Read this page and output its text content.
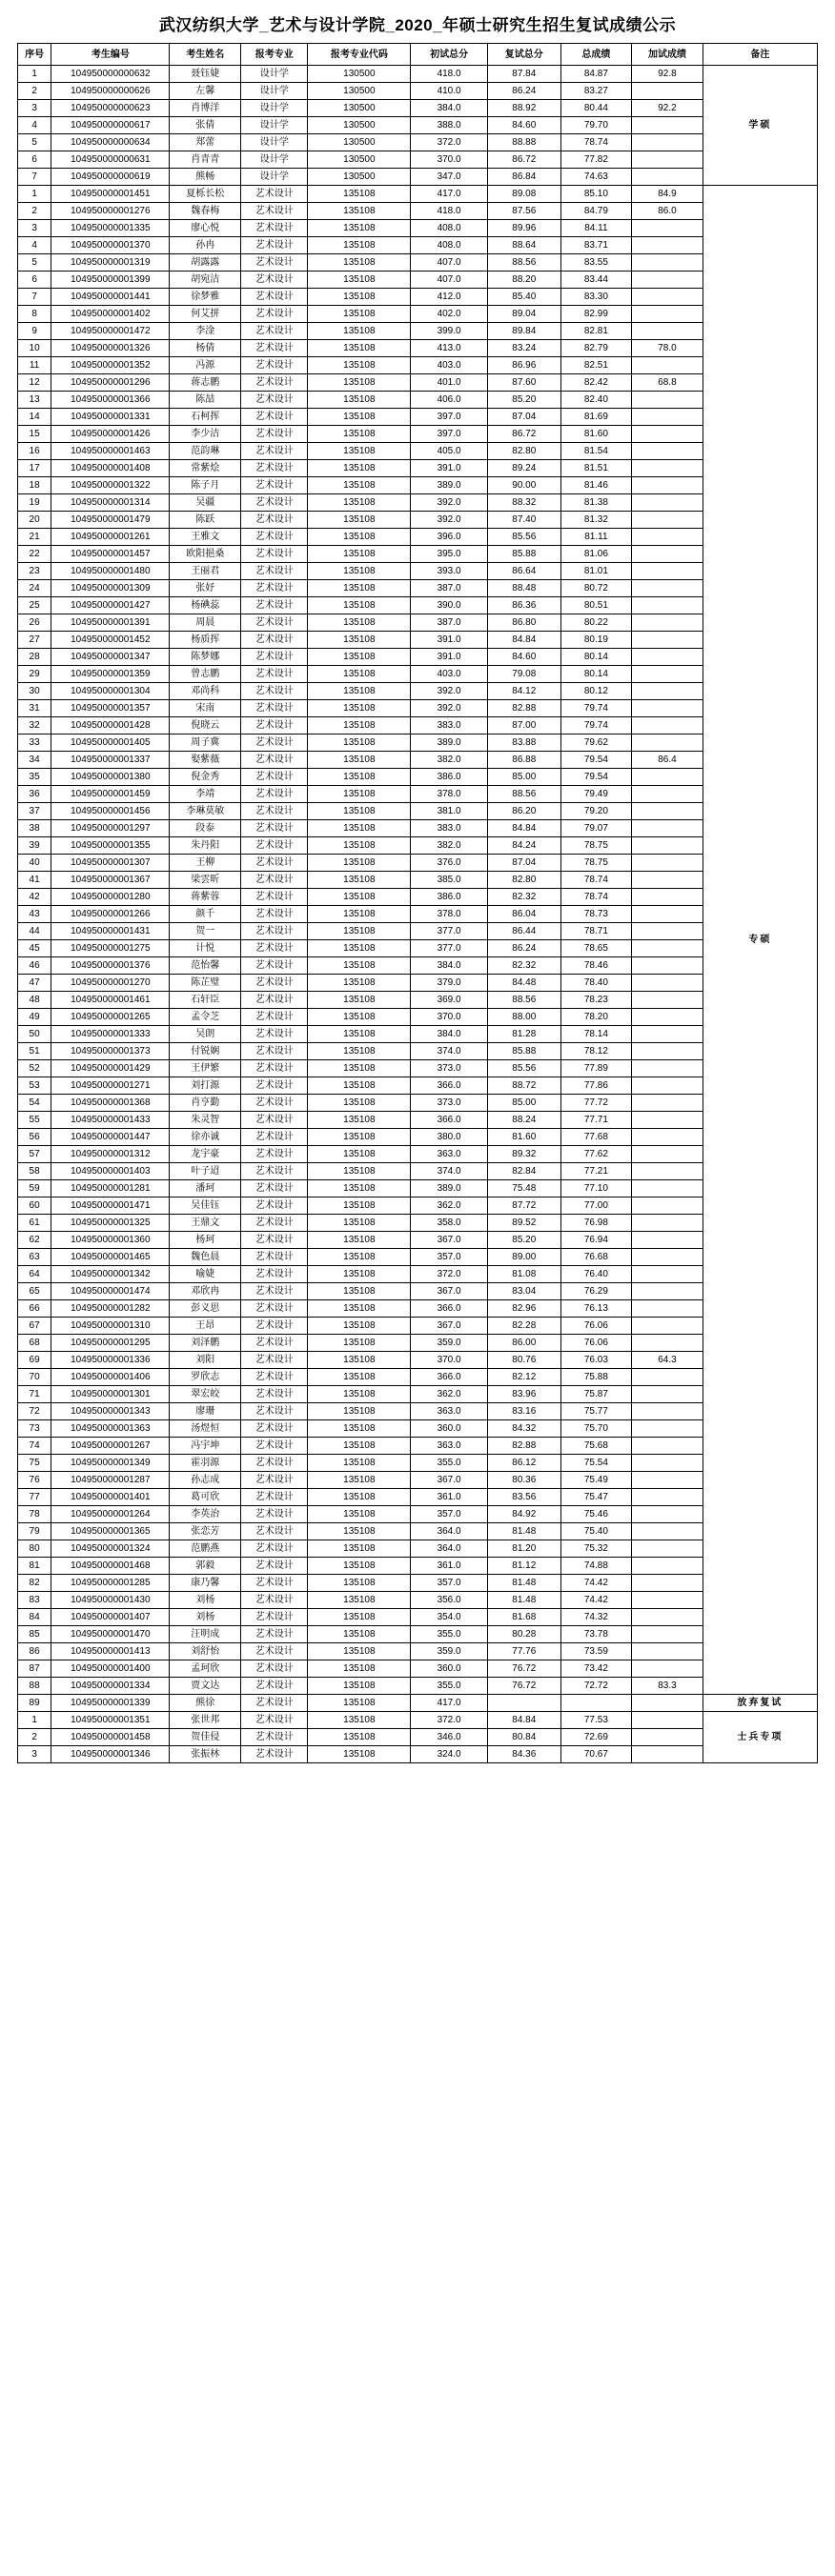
武汉纺织大学_艺术与设计学院_2020_年硕士研究生招生复试成绩公示
序号	考生编号	考生姓名	报考专业	报考专业代码	初试总分	复试总分	总成绩	加试成绩	备注
1	104950000000632	聂钰婕	设计学	130500	418.0	87.84	84.87	92.8	学硕
2	104950000000626	左馨	设计学	130500	410.0	86.24	83.27		
3	104950000000623	肖博洋	设计学	130500	384.0	88.92	80.44	92.2	
4	104950000000617	张倩	设计学	130500	388.0	84.60	79.70		
5	104950000000634	郑蕾	设计学	130500	372.0	88.88	78.74		
6	104950000000631	肖青青	设计学	130500	370.0	86.72	77.82		
7	104950000000619	熊畅	设计学	130500	347.0	86.84	74.63		
1	104950000001451	夏栎长松	艺术设计	135108	417.0	89.08	85.10	84.9	专硕
2	104950000001276	魏春梅	艺术设计	135108	418.0	87.56	84.79	86.0	
3	104950000001335	廖心悦	艺术设计	135108	408.0	89.96	84.11		
4	104950000001370	孙冉	艺术设计	135108	408.0	88.64	83.71		
5	104950000001319	胡露露	艺术设计	135108	407.0	88.56	83.55		
6	104950000001399	胡宛洁	艺术设计	135108	407.0	88.20	83.44		
7	104950000001441	徐梦雅	艺术设计	135108	412.0	85.40	83.30		
8	104950000001402	何艾拼	艺术设计	135108	402.0	89.04	82.99		
9	104950000001472	李淦	艺术设计	135108	399.0	89.84	82.81		
10	104950000001326	杨倩	艺术设计	135108	413.0	83.24	82.79	78.0	
11	104950000001352	冯源	艺术设计	135108	403.0	86.96	82.51		
12	104950000001296	蒋志鹏	艺术设计	135108	401.0	87.60	82.42	68.8	
13	104950000001366	陈喆	艺术设计	135108	406.0	85.20	82.40		
14	104950000001331	石柯挥	艺术设计	135108	397.0	87.04	81.69		
15	104950000001426	李少洁	艺术设计	135108	397.0	86.72	81.60		
16	104950000001463	范韵琳	艺术设计	135108	405.0	82.80	81.54		
17	104950000001408	常紫烩	艺术设计	135108	391.0	89.24	81.51		
18	104950000001322	陈子月	艺术设计	135108	389.0	90.00	81.46		
19	104950000001314	吴疆	艺术设计	135108	392.0	88.32	81.38		
20	104950000001479	陈跃	艺术设计	135108	392.0	87.40	81.32		
21	104950000001261	王雅文	艺术设计	135108	396.0	85.56	81.11		
22	104950000001457	欧阳挹桑	艺术设计	135108	395.0	85.88	81.06		
23	104950000001480	王丽君	艺术设计	135108	393.0	86.64	81.01		
24	104950000001309	张妤	艺术设计	135108	387.0	88.48	80.72		
25	104950000001427	杨碘蕊	艺术设计	135108	390.0	86.36	80.51		
26	104950000001391	周晨	艺术设计	135108	387.0	86.80	80.22		
27	104950000001452	杨质挥	艺术设计	135108	391.0	84.84	80.19		
28	104950000001347	陈梦娜	艺术设计	135108	391.0	84.60	80.14		
29	104950000001359	曾志鹏	艺术设计	135108	403.0	79.08	80.14		
30	104950000001304	邓尚科	艺术设计	135108	392.0	84.12	80.12		
31	104950000001357	宋南	艺术设计	135108	392.0	82.88	79.74		
32	104950000001428	倪晓云	艺术设计	135108	383.0	87.00	79.74		
33	104950000001405	周子冀	艺术设计	135108	389.0	83.88	79.62		
34	104950000001337	娶紫薇	艺术设计	135108	382.0	86.88	79.54	86.4	
35	104950000001380	倪金秀	艺术设计	135108	386.0	85.00	79.54		
36	104950000001459	李靖	艺术设计	135108	378.0	88.56	79.49		
37	104950000001456	李琳莫敏	艺术设计	135108	381.0	86.20	79.20		
38	104950000001297	段泰	艺术设计	135108	383.0	84.84	79.07		
39	104950000001355	朱丹阳	艺术设计	135108	382.0	84.24	78.75		
40	104950000001307	王柳	艺术设计	135108	376.0	87.04	78.75		
41	104950000001367	梁雲昕	艺术设计	135108	385.0	82.80	78.74		
42	104950000001280	蒋紫蓉	艺术设计	135108	386.0	82.32	78.74		
43	104950000001266	颜千	艺术设计	135108	378.0	86.04	78.73		
44	104950000001431	贺一	艺术设计	135108	377.0	86.44	78.71		
45	104950000001275	计悦	艺术设计	135108	377.0	86.24	78.65		
46	104950000001376	范怡馨	艺术设计	135108	384.0	82.32	78.46		
47	104950000001270	陈芷璧	艺术设计	135108	379.0	84.48	78.40		
48	104950000001461	石轩臣	艺术设计	135108	369.0	88.56	78.23		
49	104950000001265	孟令芝	艺术设计	135108	370.0	88.00	78.20		
50	104950000001333	吴朗	艺术设计	135108	384.0	81.28	78.14		
51	104950000001373	付锐娴	艺术设计	135108	374.0	85.88	78.12		
52	104950000001429	王伊繁	艺术设计	135108	373.0	85.56	77.89		
53	104950000001271	刘打源	艺术设计	135108	366.0	88.72	77.86		
54	104950000001368	肖亨勤	艺术设计	135108	373.0	85.00	77.72		
55	104950000001433	朱灵智	艺术设计	135108	366.0	88.24	77.71		
56	104950000001447	徐亦诚	艺术设计	135108	380.0	81.60	77.68		
57	104950000001312	龙宇豪	艺术设计	135108	363.0	89.32	77.62		
58	104950000001403	叶子迢	艺术设计	135108	374.0	82.84	77.21		
59	104950000001281	潘珂	艺术设计	135108	389.0	75.48	77.10		
60	104950000001471	吴佳钰	艺术设计	135108	362.0	87.72	77.00		
61	104950000001325	王鼎文	艺术设计	135108	358.0	89.52	76.98		
62	104950000001360	杨珂	艺术设计	135108	367.0	85.20	76.94		
63	104950000001465	魏色晨	艺术设计	135108	357.0	89.00	76.68		
64	104950000001342	喻婕	艺术设计	135108	372.0	81.08	76.40		
65	104950000001474	邓欣冉	艺术设计	135108	367.0	83.04	76.29		
66	104950000001282	彭义思	艺术设计	135108	366.0	82.96	76.13		
67	104950000001310	王昂	艺术设计	135108	367.0	82.28	76.06		
68	104950000001295	刘泽鹏	艺术设计	135108	359.0	86.00	76.06		
69	104950000001336	刘阳	艺术设计	135108	370.0	80.76	76.03	64.3	
70	104950000001406	罗欣志	艺术设计	135108	366.0	82.12	75.88		
71	104950000001301	翠宏皎	艺术设计	135108	362.0	83.96	75.87		
72	104950000001343	廖珊	艺术设计	135108	363.0	83.16	75.77		
73	104950000001363	汤煜恒	艺术设计	135108	360.0	84.32	75.70		
74	104950000001267	冯宇坤	艺术设计	135108	363.0	82.88	75.68		
75	104950000001349	霍羽源	艺术设计	135108	355.0	86.12	75.54		
76	104950000001287	孙志成	艺术设计	135108	367.0	80.36	75.49		
77	104950000001401	葛可欣	艺术设计	135108	361.0	83.56	75.47		
78	104950000001264	李英治	艺术设计	135108	357.0	84.92	75.46		
79	104950000001365	张恋芳	艺术设计	135108	364.0	81.48	75.40		
80	104950000001324	范鹏燕	艺术设计	135108	364.0	81.20	75.32		
81	104950000001468	郭毅	艺术设计	135108	361.0	81.12	74.88		
82	104950000001285	康乃馨	艺术设计	135108	357.0	81.48	74.42		
83	104950000001430	刘杨	艺术设计	135108	356.0	81.48	74.42		
84	104950000001407	刘杨	艺术设计	135108	354.0	81.68	74.32		
85	104950000001470	汪明成	艺术设计	135108	355.0	80.28	73.78		
86	104950000001413	刘舒怡	艺术设计	135108	359.0	77.76	73.59		
87	104950000001400	孟珂欣	艺术设计	135108	360.0	76.72	73.42		
88	104950000001334	贾文达	艺术设计	135108	355.0	76.72	72.72	83.3	
89	104950000001339	熊徐	艺术设计	135108	417.0				放弃复试
1	104950000001351	张世邦	艺术设计	135108	372.0	84.84	77.53		士兵专项
2	104950000001458	贺佳侵	艺术设计	135108	346.0	80.84	72.69		
3	104950000001346	张振林	艺术设计	135108	324.0	84.36	70.67		
